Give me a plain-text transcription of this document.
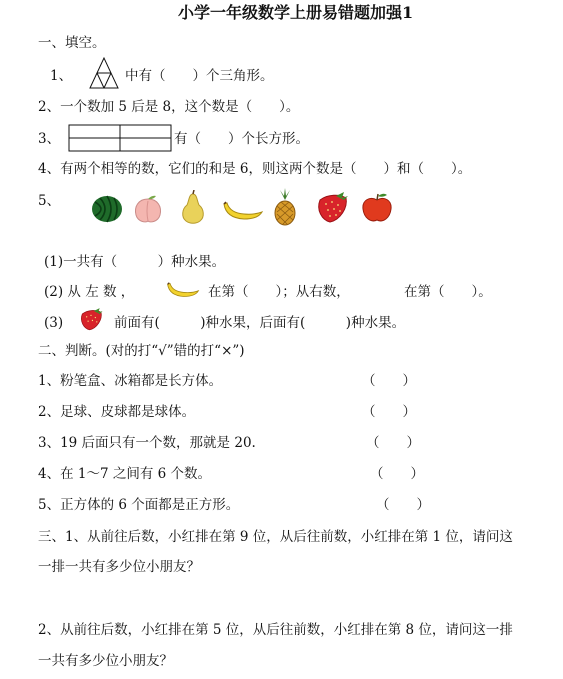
小学一年级数学上册易错题加强1
一、填空。
1、	中有（　　）个三角形。
2、一个数加 5 后是 8，这个数是（　　）。
3、	有（　　）个长方形。
4、有两个相等的数，它们的和是 6，则这两个数是（　　）和（　　）。
5、
(1)一共有（　　　）种水果。
(2) 从 左 数 ，	在第（　　）；从右数，	在第（　　）。
(3)	前面有(　　　)种水果，后面有(　　　)种水果。
二、判断。(对的打“√”错的打“×”)
1、粉笔盒、冰箱都是长方体。	（　　）
2、足球、皮球都是球体。	（　　）
3、19 后面只有一个数，那就是 20.	（　　）
4、在 1～7 之间有 6 个数。	（　　）
5、正方体的 6 个面都是正方形。	（　　）
三、1、从前往后数，小红排在第 9 位，从后往前数，小红排在第 1 位，请问这
一排一共有多少位小朋友？
2、从前往后数，小红排在第 5 位，从后往前数，小红排在第 8 位，请问这一排
一共有多少位小朋友？
